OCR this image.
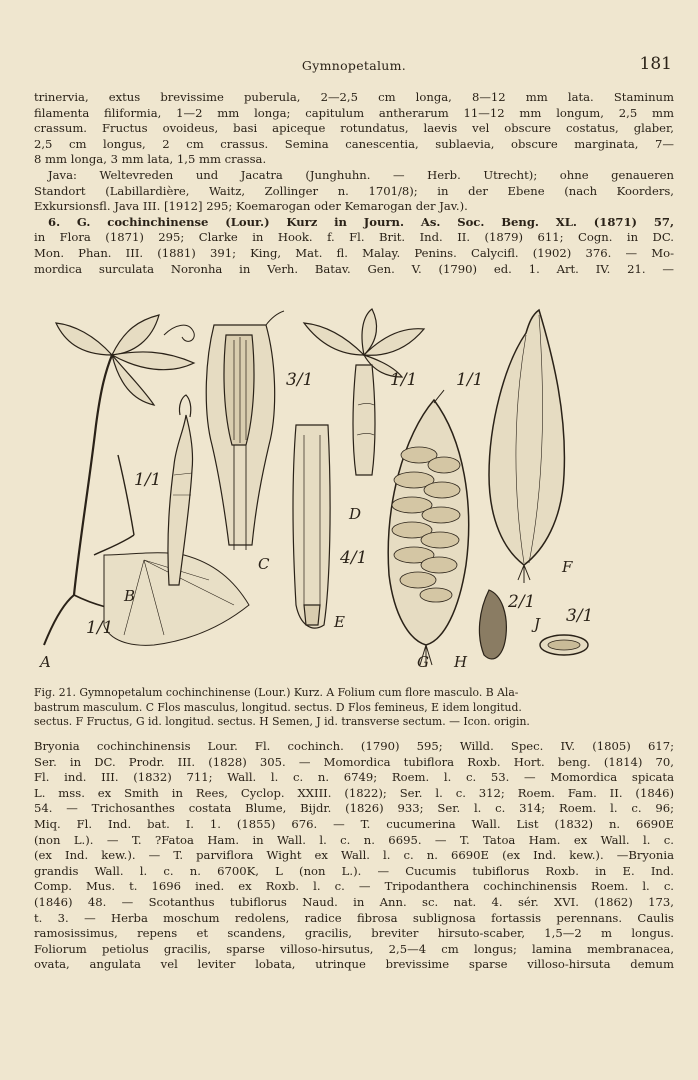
Gymnopetalum.	181
trinervia, extus brevissime puberula, 2—2,5 cm longa, 8—12 mm lata. Staminum
filamenta filiformia, 1—2 mm longa; capitulum antherarum 11—12 mm longum, 2,5 mm
crassum. Fructus ovoideus, basi apiceque rotundatus, laevis vel obscure costatus, glaber,
2,5 cm longus, 2 cm crassus. Semina canescentia, sublaevia, obscure marginata, 7—
8 mm longa, 3 mm lata, 1,5 mm crassa.
Java: Weltevreden und Jacatra (Junghuhn. — Herb. Utrecht); ohne genaueren
Standort (Labillardière, Waitz, Zollinger n. 1701/8); in der Ebene (nach Koorders,
Exkursionsfl. Java III. [1912] 295; Koemarogan oder Kemarogan der Jav.).
6. G. cochinchinense (Lour.) Kurz in Journ. As. Soc. Beng. XL. (1871) 57,
in Flora (1871) 295; Clarke in Hook. f. Fl. Brit. Ind. II. (1879) 611; Cogn. in DC.
Mon. Phan. III. (1881) 391; King, Mat. fl. Malay. Penins. Calycifl. (1902) 376. — Mo-
mordica surculata Noronha in Verh. Batav. Gen. V. (1790) ed. 1. Art. IV. 21. —
A
B
C
D
E
F
G H
J
1/1
1/1
3/1	1/1 1/1
4/1
2/1
3/1
Fig. 21. Gymnopetalum cochinchinense (Lour.) Kurz. A Folium cum flore masculo. B Ala-
bastrum masculum. C Flos masculus, longitud. sectus. D Flos femineus, E idem longitud.
sectus. F Fructus, G id. longitud. sectus. H Semen, J id. transverse sectum. — Icon. origin.
Bryonia cochinchinensis Lour. Fl. cochinch. (1790) 595; Willd. Spec. IV. (1805) 617;
Ser. in DC. Prodr. III. (1828) 305. — Momordica tubiflora Roxb. Hort. beng. (1814) 70,
Fl. ind. III. (1832) 711; Wall. l. c. n. 6749; Roem. l. c. 53. — Momordica spicata
L. mss. ex Smith in Rees, Cyclop. XXIII. (1822); Ser. l. c. 312; Roem. Fam. II. (1846)
54. — Trichosanthes costata Blume, Bijdr. (1826) 933; Ser. l. c. 314; Roem. l. c. 96;
Miq. Fl. Ind. bat. I. 1. (1855) 676. — T. cucumerina Wall. List (1832) n. 6690E
(non L.). — T. ?Fatoa Ham. in Wall. l. c. n. 6695. — T. Tatoa Ham. ex Wall. l. c.
(ex Ind. kew.). — T. parviflora Wight ex Wall. l. c. n. 6690E (ex Ind. kew.). —Bryonia
grandis Wall. l. c. n. 6700K, L (non L.). — Cucumis tubiflorus Roxb. in E. Ind.
Comp. Mus. t. 1696 ined. ex Roxb. l. c. — Tripodanthera cochinchinensis Roem. l. c.
(1846) 48. — Scotanthus tubiflorus Naud. in Ann. sc. nat. 4. sér. XVI. (1862) 173,
t. 3. — Herba moschum redolens, radice fibrosa sublignosa fortassis perennans. Caulis
ramosissimus, repens et scandens, gracilis, breviter hirsuto-scaber, 1,5—2 m longus.
Foliorum petiolus gracilis, sparse villoso-hirsutus, 2,5—4 cm longus; lamina membranacea,
ovata, angulata vel leviter lobata, utrinque brevissime sparse villoso-hirsuta demum
